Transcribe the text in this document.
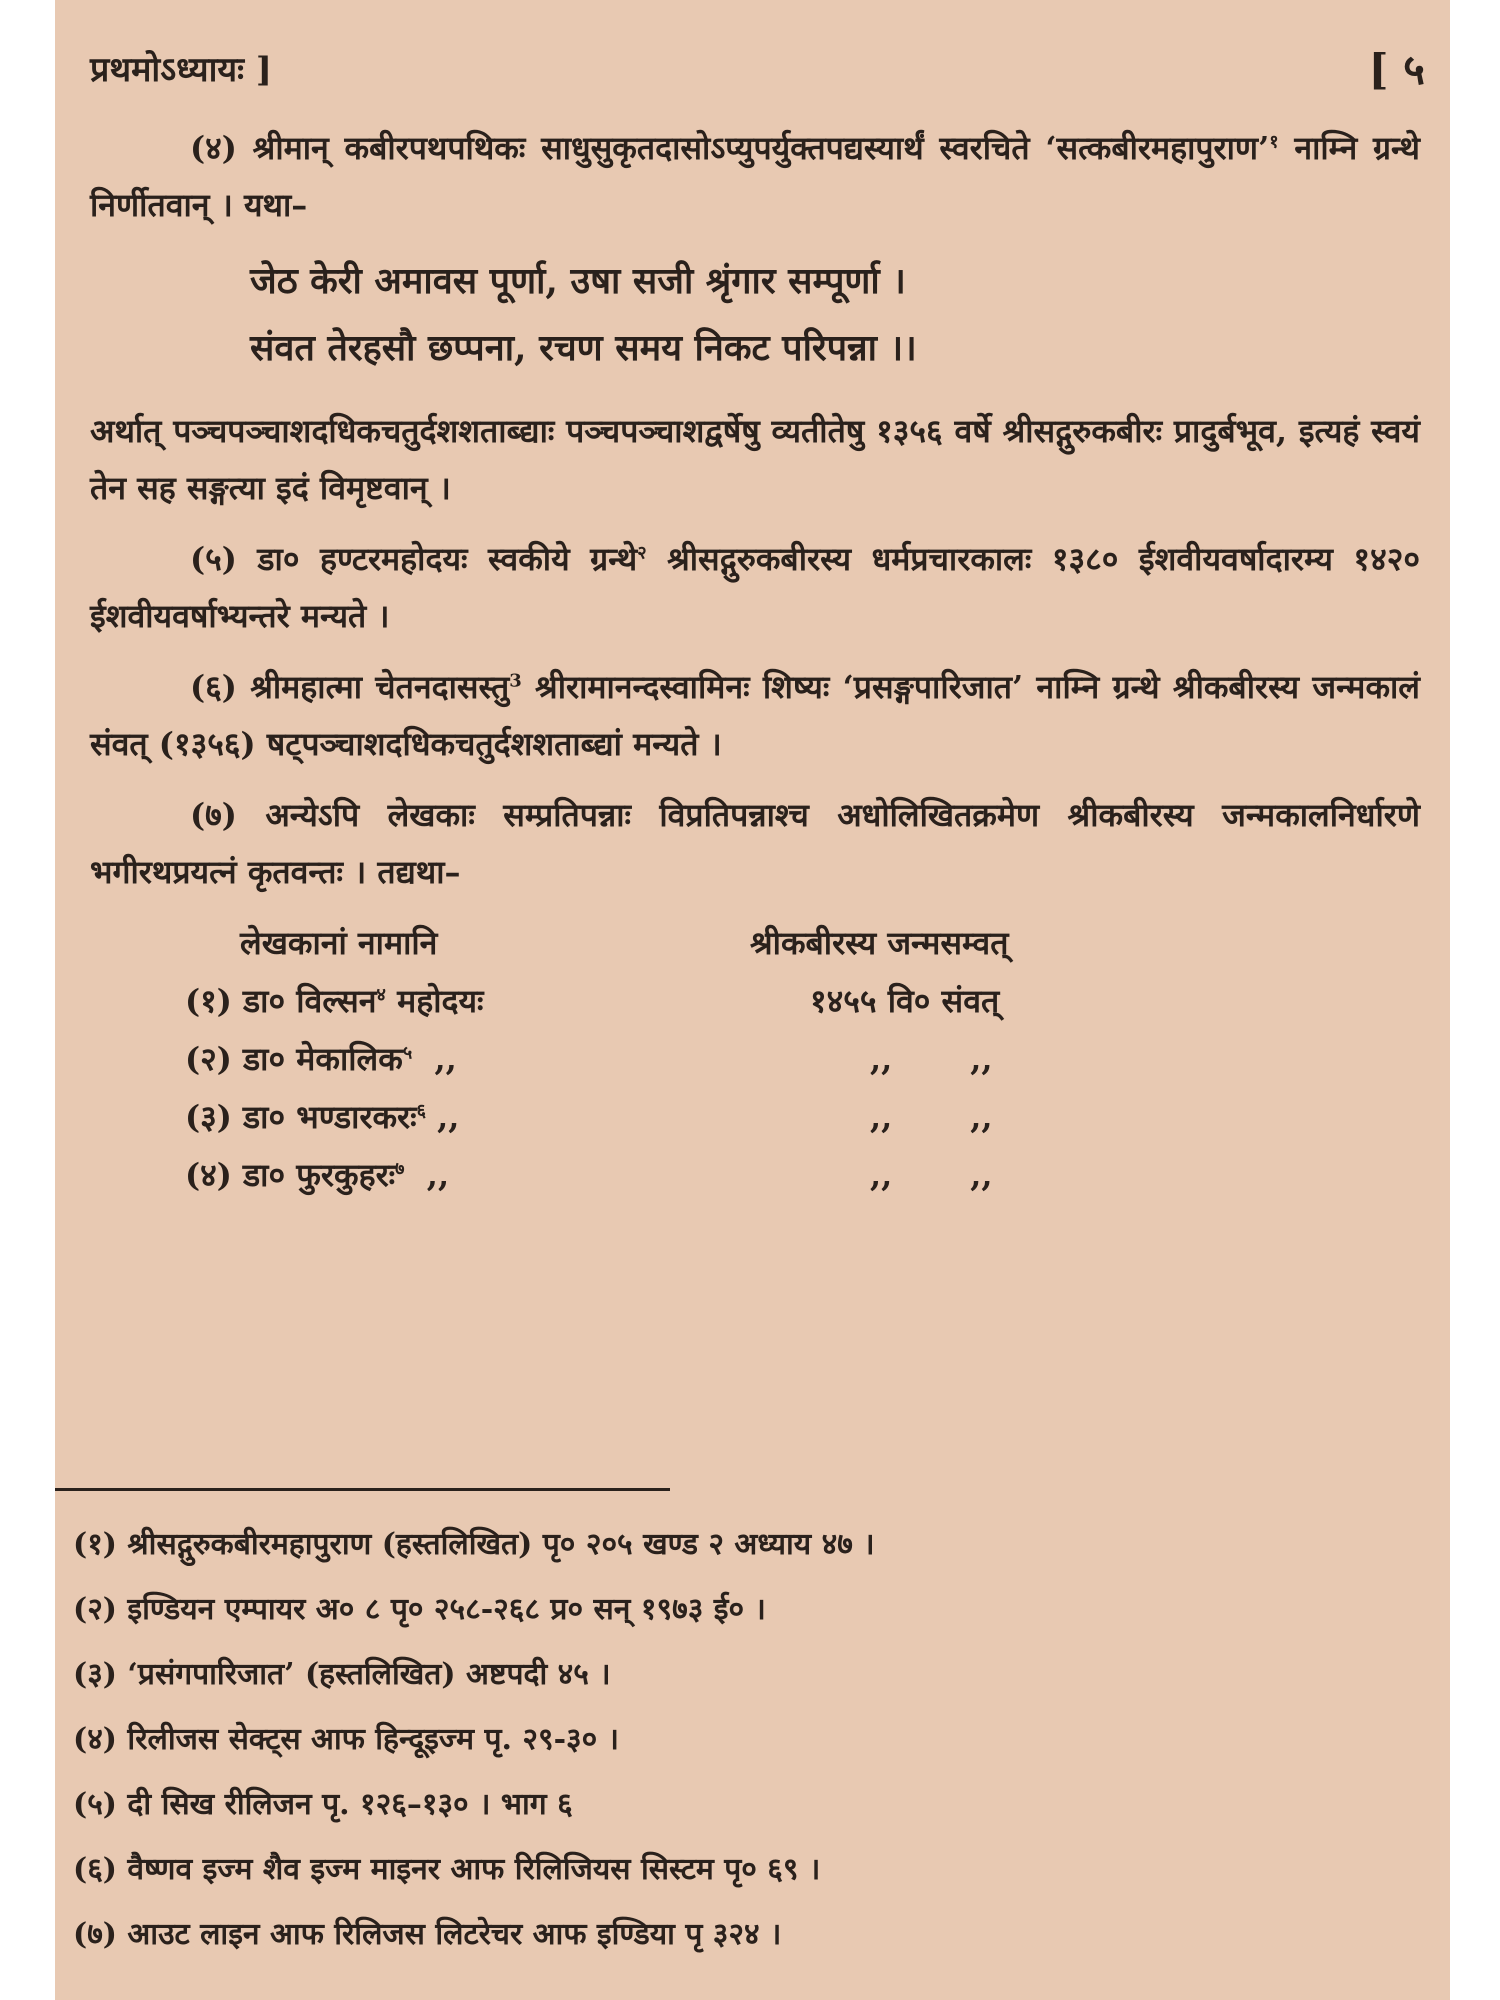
प्रथमोऽध्यायः ]	[ ५

(४) श्रीमान् कबीरपथपथिकः साधुसुकृतदासोऽप्युपर्युक्तपद्यस्यार्थं स्वरचिते ‘सत्कबीरमहापुराण’$^१$ नाम्नि ग्रन्थे निर्णीतवान् । यथा–

जेठ केरी अमावस पूर्णा, उषा सजी श्रृंगार सम्पूर्णा ।
संवत तेरहसौ छप्पना, रचण समय निकट परिपन्ना ।।

अर्थात् पञ्चपञ्चाशदधिकचतुर्दशशताब्द्याः पञ्चपञ्चाशद्वर्षेषु व्यतीतेषु १३५६ वर्षे श्रीसद्गुरुकबीरः प्रादुर्बभूव, इत्यहं स्वयं तेन सह सङ्गत्या इदं विमृष्टवान् ।

(५) डा० हण्टरमहोदयः स्वकीये ग्रन्थे$^२$ श्रीसद्गुरुकबीरस्य धर्मप्रचारकालः १३८० ईशवीयवर्षादारम्य १४२० ईशवीयवर्षाभ्यन्तरे मन्यते ।

(६) श्रीमहात्मा चेतनदासस्तु$^3$ श्रीरामानन्दस्वामिनः शिष्यः ‘प्रसङ्गपारिजात’ नाम्नि ग्रन्थे श्रीकबीरस्य जन्मकालं संवत् (१३५६) षट्पञ्चाशदधिकचतुर्दशशताब्द्यां मन्यते ।

(७) अन्येऽपि लेखकाः सम्प्रतिपन्नाः विप्रतिपन्नाश्च अधोलिखितक्रमेण श्रीकबीरस्य जन्मकालनिर्धारणे भगीरथप्रयत्नं कृतवन्तः । तद्यथा–

लेखकानां नामानि	श्रीकबीरस्य जन्मसम्वत्
(१) डा० विल्सन$^४$ महोदयः	१४५५ वि० संवत्
(२) डा० मेकालिक$^५$  ,,	,,       ,,
(३) डा० भण्डारकरः$^६$ ,,	,,       ,,
(४) डा० फुरकुहरः$^७$  ,,	,,       ,,
(१) श्रीसद्गुरुकबीरमहापुराण (हस्तलिखित) पृ० २०५ खण्ड २ अध्याय ४७ ।
(२) इण्डियन एम्पायर अ० ८ पृ० २५८-२६८ प्र० सन् १९७३ ई० ।
(३) ‘प्रसंगपारिजात’ (हस्तलिखित) अष्टपदी ४५ ।
(४) रिलीजस सेक्ट्स आफ हिन्दूइज्म पृ. २९-३० ।
(५) दी सिख रीलिजन पृ. १२६–१३० । भाग ६
(६) वैष्णव इज्म शैव इज्म माइनर आफ रिलिजियस सिस्टम पृ० ६९ ।
(७) आउट लाइन आफ रिलिजस लिटरेचर आफ इण्डिया पृ ३२४ ।
